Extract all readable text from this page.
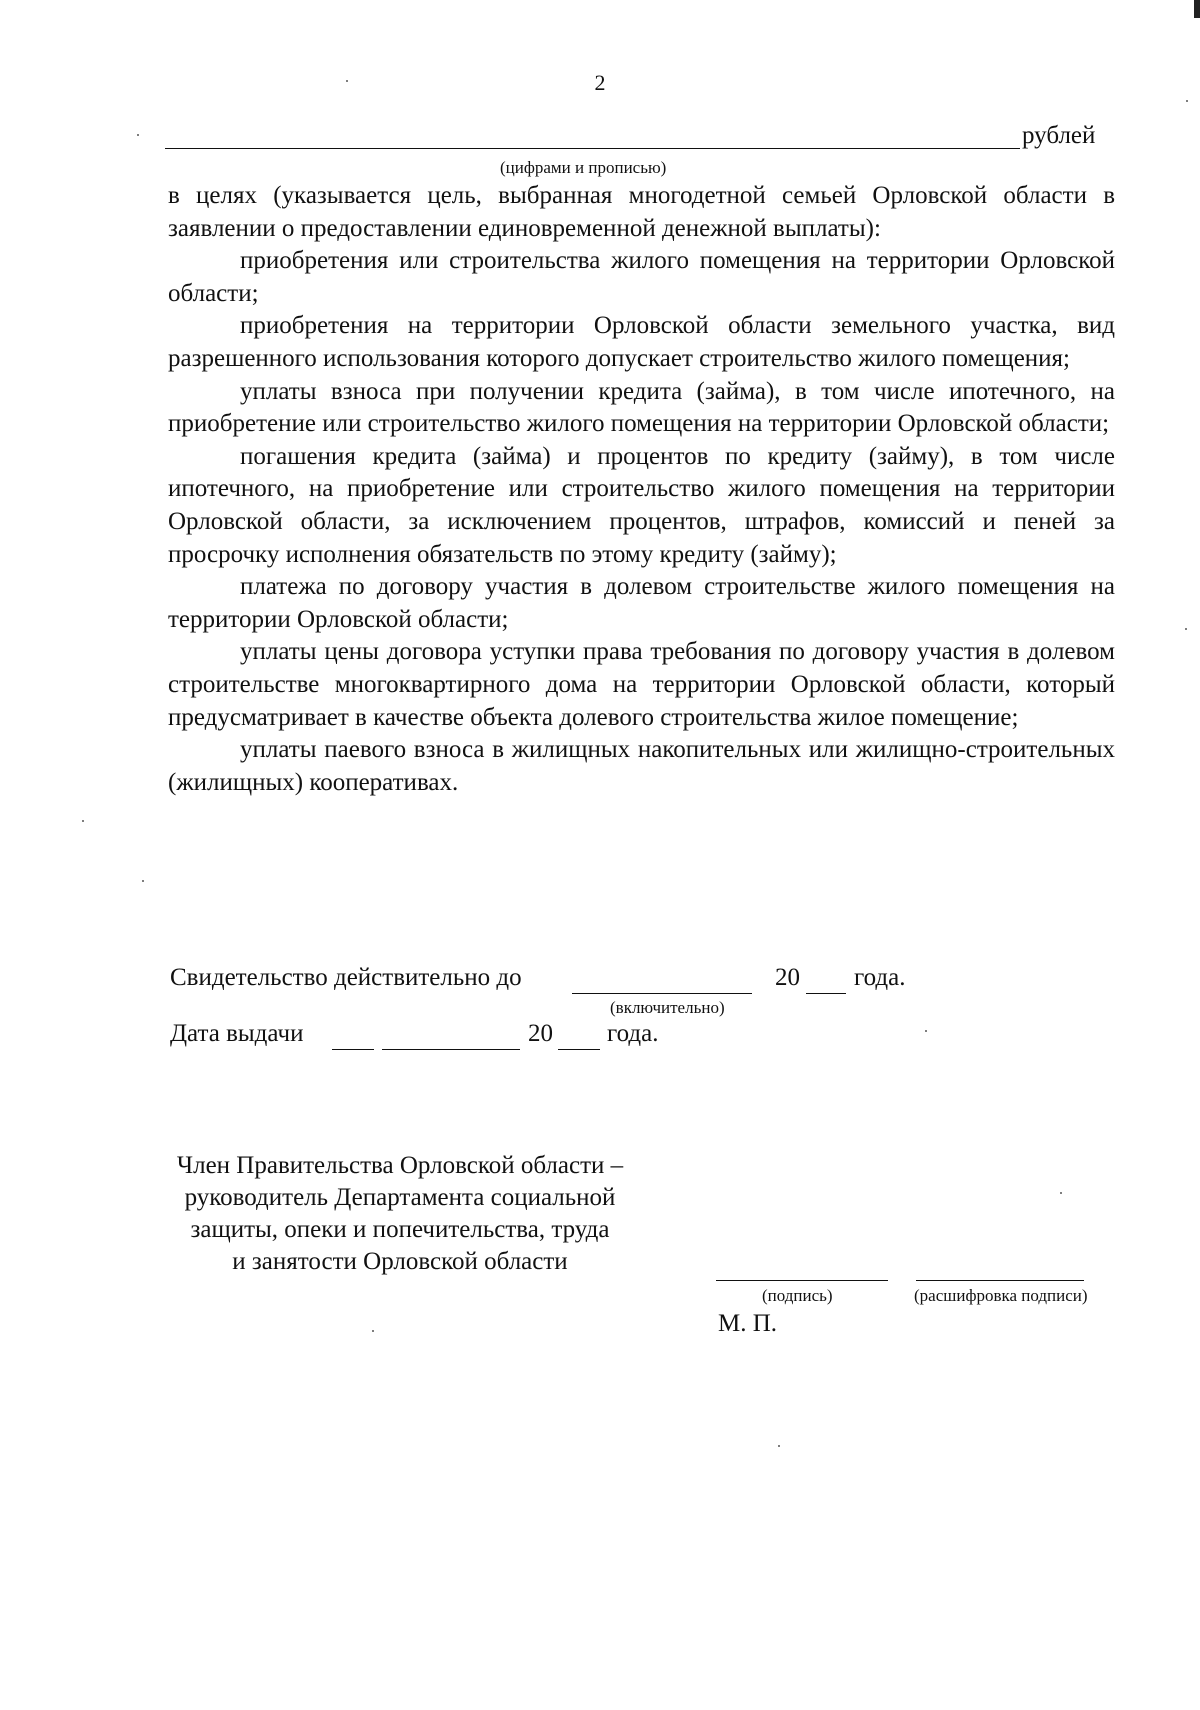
2
рублей
(цифрами и прописью)

в целях (указывается цель, выбранная многодетной семьей Орловской области в заявлении о предоставлении единовременной денежной выплаты):

приобретения или строительства жилого помещения на территории Орловской области;

приобретения на территории Орловской области земельного участка, вид разрешенного использования которого допускает строительство жилого помещения;

уплаты взноса при получении кредита (займа), в том числе ипотечного, на приобретение или строительство жилого помещения на территории Орловской области;

погашения кредита (займа) и процентов по кредиту (займу), в том числе ипотечного, на приобретение или строительство жилого помещения на территории Орловской области, за исключением процентов, штрафов, комиссий и пеней за просрочку исполнения обязательств по этому кредиту (займу);

платежа по договору участия в долевом строительстве жилого помещения на территории Орловской области;

уплаты цены договора уступки права требования по договору участия в долевом строительстве многоквартирного дома на территории Орловской области, который предусматривает в качестве объекта долевого строительства жилое помещение;

уплаты паевого взноса в жилищных накопительных или жилищно-строительных (жилищных) кооперативах.

Свидетельство действительно до	20 года.
(включительно)
Дата выдачи	20 года.
Член Правительства Орловской области –
руководитель Департамента социальной
защиты, опеки и попечительства, труда
и занятости Орловской области
(подпись)	(расшифровка подписи)
М. П.
